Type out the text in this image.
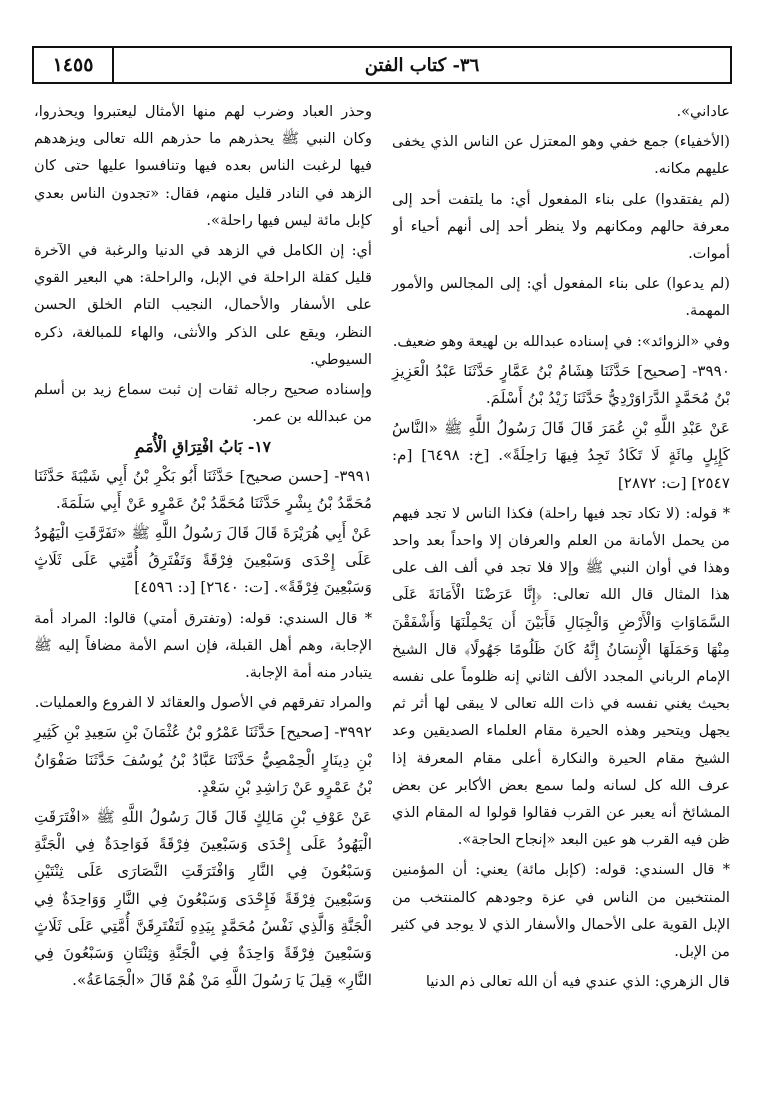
١٤٥٥	٣٦- كتاب الفتن

عاداني».

(الأخفياء) جمع خفي وهو المعتزل عن الناس الذي يخفى عليهم مكانه.

(لم يفتقدوا) على بناء المفعول أي: ما يلتفت أحد إلى معرفة حالهم ومكانهم ولا ينظر أحد إلى أنهم أحياء أو أموات.

(لم يدعوا) على بناء المفعول أي: إلى المجالس والأمور المهمة.

وفي «الزوائد»: في إسناده عبدالله بن لهيعة وهو ضعيف.

٣٩٩٠- [صحيح] حَدَّثَنَا هِشَامُ بْنُ عَمَّارٍ حَدَّثَنَا عَبْدُ الْعَزِيزِ بْنُ مُحَمَّدٍ الدَّرَاوَرْدِيُّ حَدَّثَنَا زَيْدُ بْنُ أَسْلَمَ.

عَنْ عَبْدِ اللَّهِ بْنِ عُمَرَ قَالَ قَالَ رَسُولُ اللَّهِ ﷺ «النَّاسُ كَإِبِلٍ مِائَةٍ لَا تَكَادُ تَجِدُ فِيهَا رَاحِلَةً». [خ: ٦٤٩٨] [م: ٢٥٤٧] [ت: ٢٨٧٢]

* قوله: (لا تكاد تجد فيها راحلة) فكذا الناس لا تجد فيهم من يحمل الأمانة من العلم والعرفان إلا واحداً بعد واحد وهذا في أوان النبي ﷺ وإلا فلا تجد في ألف الف على هذا المثال قال الله تعالى: ﴿إِنَّا عَرَضْنَا الْأَمَانَةَ عَلَى السَّمَاوَاتِ وَالْأَرْضِ وَالْجِبَالِ فَأَبَيْنَ أَن يَحْمِلْنَهَا وَأَشْفَقْنَ مِنْهَا وَحَمَلَهَا الْإِنسَانُ إِنَّهُ كَانَ ظَلُومًا جَهُولًا﴾ قال الشيخ الإمام الرباني المجدد الألف الثاني إنه ظلوماً على نفسه بحيث يغني نفسه في ذات الله تعالى لا يبقى لها أثر ثم يجهل ويتحير وهذه الحيرة مقام العلماء الصديقين وعد الشيخ مقام الحيرة والنكارة أعلى مقام المعرفة إذا عرف الله كل لسانه ولما سمع بعض الأكابر عن بعض المشائخ أنه يعبر عن القرب فقالوا قولوا له المقام الذي ظن فيه القرب هو عين البعد «إنجاح الحاجة».

* قال السندي: قوله: (كإبل مائة) يعني: أن المؤمنين المنتخبين من الناس في عزة وجودهم كالمنتخب من الإبل القوية على الأحمال والأسفار الذي لا يوجد في كثير من الإبل.

قال الزهري: الذي عندي فيه أن الله تعالى ذم الدنيا

وحذر العباد وضرب لهم منها الأمثال ليعتبروا ويحذروا، وكان النبي ﷺ يحذرهم ما حذرهم الله تعالى ويزهدهم فيها لرغبت الناس بعده فيها وتنافسوا عليها حتى كان الزهد في النادر قليل منهم، فقال: «تجدون الناس بعدي كإبل مائة ليس فيها راحلة».

أي: إن الكامل في الزهد في الدنيا والرغبة في الآخرة قليل كقلة الراحلة في الإبل، والراحلة: هي البعير القوي على الأسفار والأحمال، النجيب التام الخلق الحسن النظر، ويقع على الذكر والأنثى، والهاء للمبالغة، ذكره السيوطي.

وإسناده صحيح رجاله ثقات إن ثبت سماع زيد بن أسلم من عبدالله بن عمر.

١٧- بَابُ افْتِرَاقِ الْأُمَمِ

٣٩٩١- [حسن صحيح] حَدَّثَنَا أَبُو بَكْرِ بْنُ أَبِي شَيْبَةَ حَدَّثَنَا مُحَمَّدُ بْنُ بِشْرٍ حَدَّثَنَا مُحَمَّدُ بْنُ عَمْرٍو عَنْ أَبِي سَلَمَةَ.

عَنْ أَبِي هُرَيْرَةَ قَالَ قَالَ رَسُولُ اللَّهِ ﷺ «تَفَرَّقَتِ الْيَهُودُ عَلَى إِحْدَى وَسَبْعِينَ فِرْقَةً وَتَفْتَرِقُ أُمَّتِي عَلَى ثَلَاثٍ وَسَبْعِينَ فِرْقَةً». [ت: ٢٦٤٠] [د: ٤٥٩٦]

* قال السندي: قوله: (وتفترق أمتي) قالوا: المراد أمة الإجابة، وهم أهل القبلة، فإن اسم الأمة مضافاً إليه ﷺ يتبادر منه أمة الإجابة.

والمراد تفرقهم في الأصول والعقائد لا الفروع والعمليات.

٣٩٩٢- [صحيح] حَدَّثَنَا عَمْرُو بْنُ عُثْمَانَ بْنِ سَعِيدِ بْنِ كَثِيرِ بْنِ دِينَارٍ الْحِمْصِيُّ حَدَّثَنَا عَبَّادُ بْنُ يُوسُفَ حَدَّثَنَا صَفْوَانُ بْنُ عَمْرٍو عَنْ رَاشِدِ بْنِ سَعْدٍ.

عَنْ عَوْفِ بْنِ مَالِكٍ قَالَ قَالَ رَسُولُ اللَّهِ ﷺ «افْتَرَقَتِ الْيَهُودُ عَلَى إِحْدَى وَسَبْعِينَ فِرْقَةً فَوَاحِدَةٌ فِي الْجَنَّةِ وَسَبْعُونَ فِي النَّارِ وَافْتَرَقَتِ النَّصَارَى عَلَى ثِنْتَيْنِ وَسَبْعِينَ فِرْقَةً فَإِحْدَى وَسَبْعُونَ فِي النَّارِ وَوَاحِدَةٌ فِي الْجَنَّةِ وَالَّذِي نَفْسُ مُحَمَّدٍ بِيَدِهِ لَتَفْتَرِقَنَّ أُمَّتِي عَلَى ثَلَاثٍ وَسَبْعِينَ فِرْقَةً وَاحِدَةٌ فِي الْجَنَّةِ وَثِنْتَانِ وَسَبْعُونَ فِي النَّارِ» قِيلَ يَا رَسُولَ اللَّهِ مَنْ هُمْ قَالَ «الْجَمَاعَةُ».
